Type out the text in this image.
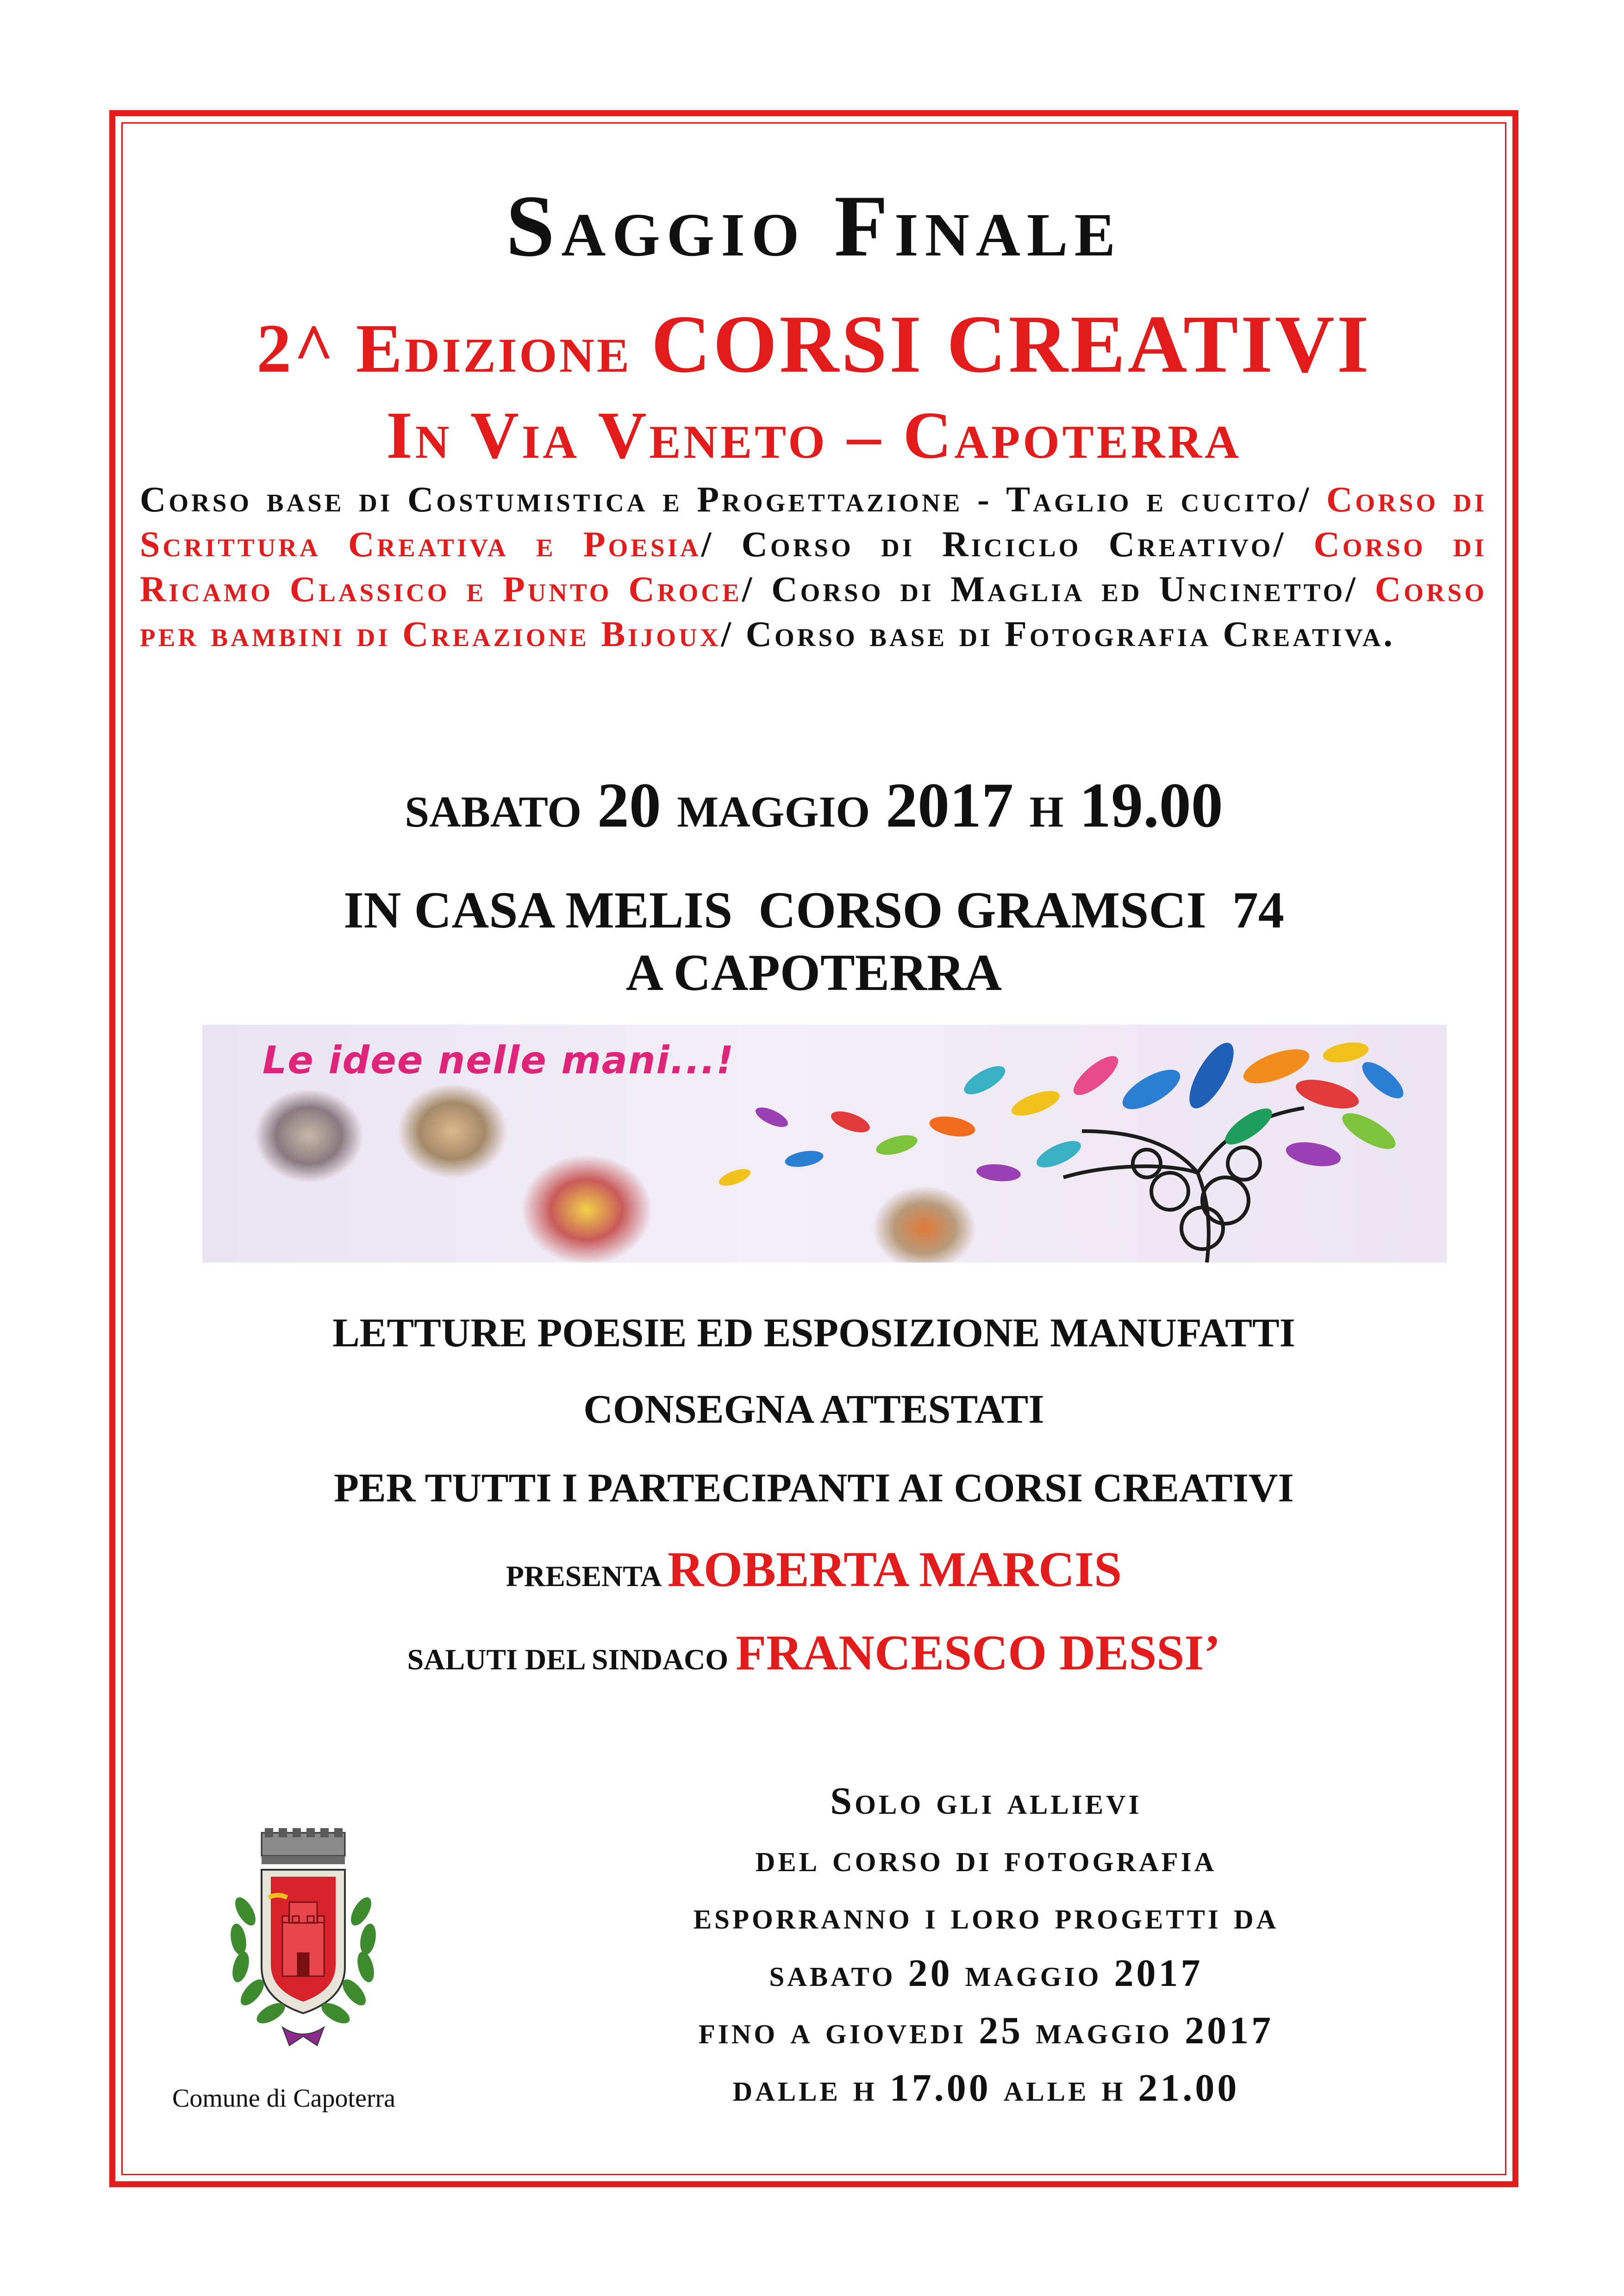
Saggio Finale
2^ Edizione CORSI CREATIVI
In Via Veneto – Capoterra
Corso base di Costumistica e Progettazione - Taglio e cucito/ Corso di Scrittura Creativa e Poesia/ Corso di Riciclo Creativo/ Corso di Ricamo Classico e Punto Croce/ Corso di Maglia ed Uncinetto/ Corso per bambini di Creazione Bijoux/ Corso base di Fotografia Creativa.
sabato 20 maggio 2017 h 19.00
IN CASA MELIS  CORSO GRAMSCI  74
A CAPOTERRA
Le idee nelle mani...!
LETTURE POESIE ED ESPOSIZIONE MANUFATTI
CONSEGNA ATTESTATI
PER TUTTI I PARTECIPANTI AI CORSI CREATIVI
PRESENTA ROBERTA MARCIS
SALUTI DEL SINDACO FRANCESCO DESSI’
Solo gli allievi
del corso di fotografia
esporranno i loro progetti da
sabato 20 maggio 2017
fino a giovedi 25 maggio 2017
dalle h 17.00 alle h 21.00
Comune di Capoterra
